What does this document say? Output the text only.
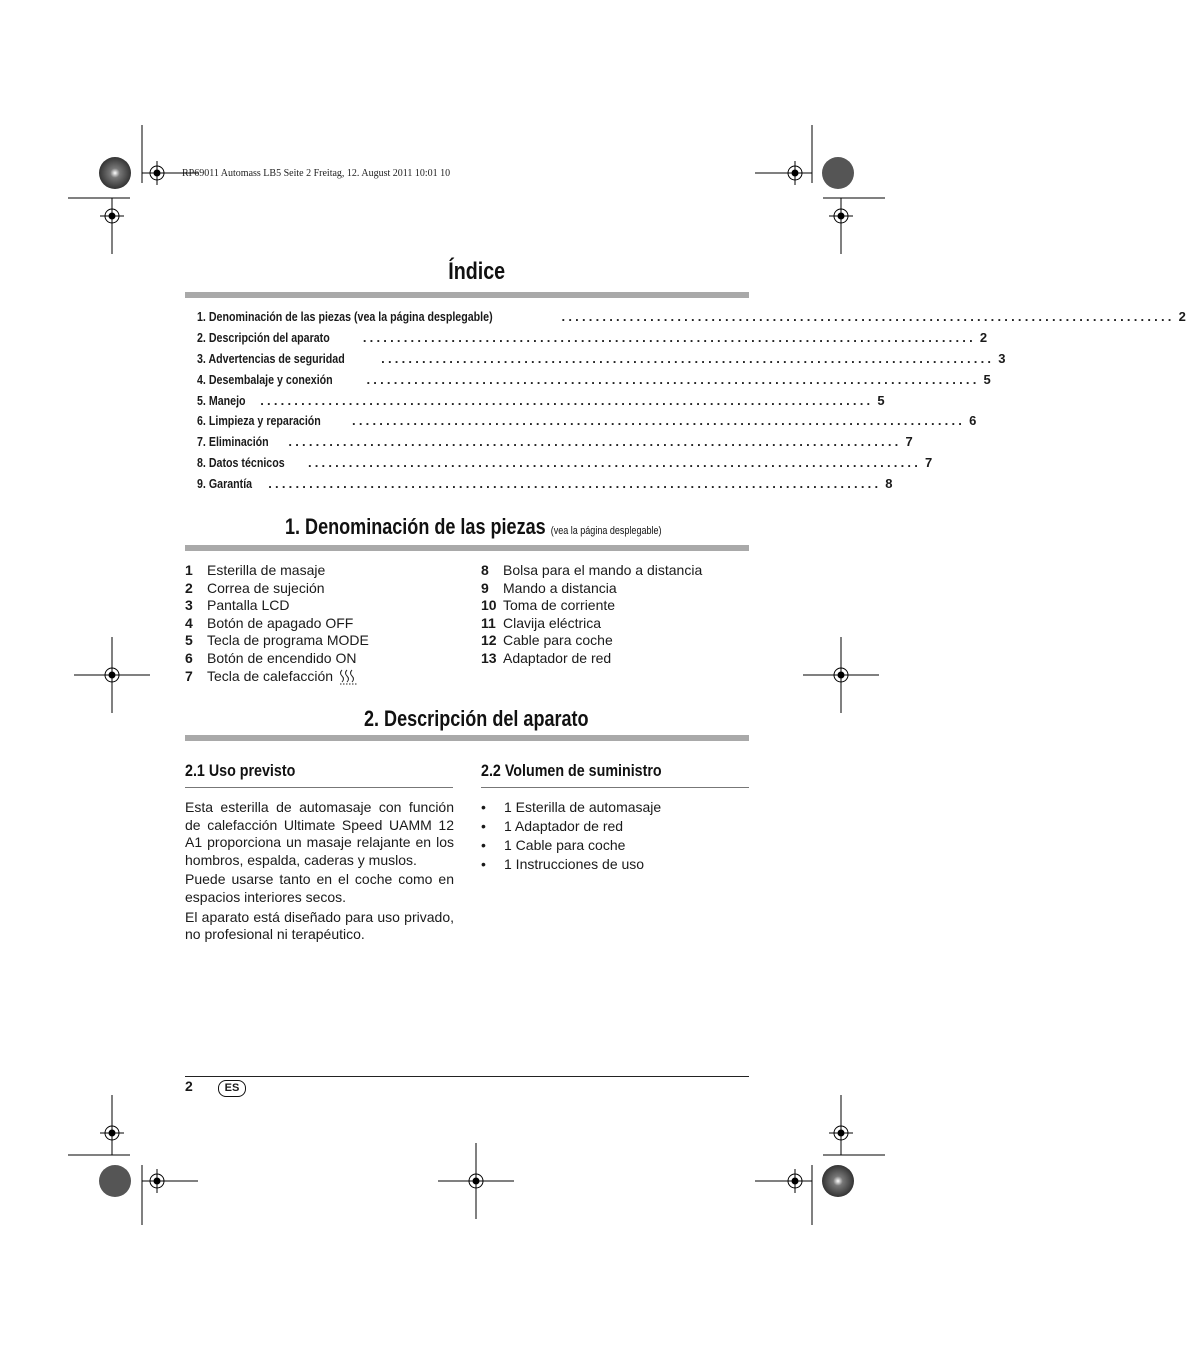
RP69011 Automass LB5 Seite 2 Freitag, 12. August 2011 10:01 10
Índice
1. Denominación de las piezas (vea la página desplegable)	.......................................................................................... 2
2. Descripción del aparato	.......................................................................................... 2
3. Advertencias de seguridad	.......................................................................................... 3
4. Desembalaje y conexión	.......................................................................................... 5
5. Manejo .......................................................................................... 5
6. Limpieza y reparación .......................................................................................... 6
7. Eliminación .......................................................................................... 7
8. Datos técnicos .......................................................................................... 7
9. Garantía .......................................................................................... 8
1. Denominación de las piezas (vea la página desplegable)
1	Esterilla de masaje
2	Correa de sujeción
3	Pantalla LCD
4	Botón de apagado OFF
5	Tecla de programa MODE
6	Botón de encendido ON
7	Tecla de calefacción
8	Bolsa para el mando a distancia
9	Mando a distancia
10 Toma de corriente
11 Clavija eléctrica
12 Cable para coche
13 Adaptador de red
2. Descripción del aparato
2.1 Uso previsto

Esta esterilla de automasaje con función de calefacción Ultimate Speed UAMM 12 A1 proporciona un masaje relajante en los hombros, espalda, caderas y muslos.

Puede usarse tanto en el coche como en espacios interiores secos.

El aparato está diseñado para uso privado, no profesional ni terapéutico.

2.2 Volumen de suministro
•	1 Esterilla de automasaje
•	1 Adaptador de red
•	1 Cable para coche
•	1 Instrucciones de uso
2	ES
